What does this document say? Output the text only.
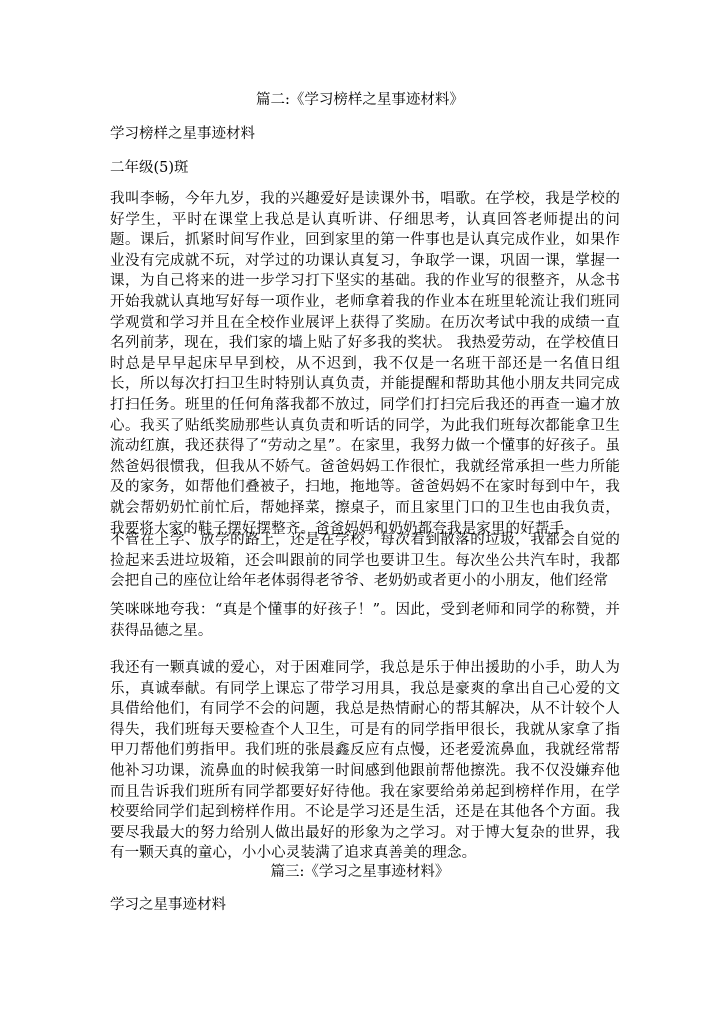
篇二:《学习榜样之星事迹材料》
学习榜样之星事迹材料
二年级(5)斑
我叫李畅，今年九岁，我的兴趣爱好是读课外书，唱歌。在学校，我是学校的好学生，平时在课堂上我总是认真听讲、仔细思考，认真回答老师提出的问题。课后，抓紧时间写作业，回到家里的第一件事也是认真完成作业，如果作业没有完成就不玩，对学过的功课认真复习，争取学一课，巩固一课，掌握一课，为自己将来的进一步学习打下坚实的基础。我的作业写的很整齐，从念书开始我就认真地写好每一项作业，老师拿着我的作业本在班里轮流让我们班同学观赏和学习并且在全校作业展评上获得了奖励。在历次考试中我的成绩一直名列前茅，现在，我们家的墙上贴了好多我的奖状。 我热爱劳动，在学校值日时总是早早起床早早到校，从不迟到，我不仅是一名班干部还是一名值日组长，所以每次打扫卫生时特别认真负责，并能提醒和帮助其他小朋友共同完成打扫任务。班里的任何角落我都不放过，同学们打扫完后我还的再查一遍才放心。我买了贴纸奖励那些认真负责和听话的同学，为此我们班每次都能拿卫生流动红旗，我还获得了“劳动之星”。在家里，我努力做一个懂事的好孩子。虽然爸妈很惯我，但我从不娇气。爸爸妈妈工作很忙，我就经常承担一些力所能及的家务，如帮他们叠被子，扫地，拖地等。爸爸妈妈不在家时每到中午，我就会帮奶奶忙前忙后，帮她择菜，擦桌子，而且家里门口的卫生也由我负责，我要将大家的鞋子摆好摆整齐。爸爸妈妈和奶奶都夸我是家里的好帮手。
不管在上学、放学的路上，还是在学校，每次看到散落的垃圾，我都会自觉的捡起来丢进垃圾箱，还会叫跟前的同学也要讲卫生。每次坐公共汽车时，我都会把自己的座位让给年老体弱得老爷爷、老奶奶或者更小的小朋友，他们经常
笑咪咪地夸我：“真是个懂事的好孩子！”。因此，受到老师和同学的称赞，并获得品德之星。
我还有一颗真诚的爱心，对于困难同学，我总是乐于伸出援助的小手，助人为乐，真诚奉献。有同学上课忘了带学习用具，我总是豪爽的拿出自己心爱的文具借给他们，有同学不会的问题，我总是热情耐心的帮其解决，从不计较个人得失，我们班每天要检查个人卫生，可是有的同学指甲很长，我就从家拿了指甲刀帮他们剪指甲。我们班的张晨鑫反应有点慢，还老爱流鼻血，我就经常帮他补习功课，流鼻血的时候我第一时间感到他跟前帮他擦洗。我不仅没嫌弃他而且告诉我们班所有同学都要好好待他。我在家要给弟弟起到榜样作用，在学校要给同学们起到榜样作用。不论是学习还是生活，还是在其他各个方面。我要尽我最大的努力给别人做出最好的形象为之学习。对于博大复杂的世界，我有一颗天真的童心，小小心灵装满了追求真善美的理念。
篇三:《学习之星事迹材料》
学习之星事迹材料
